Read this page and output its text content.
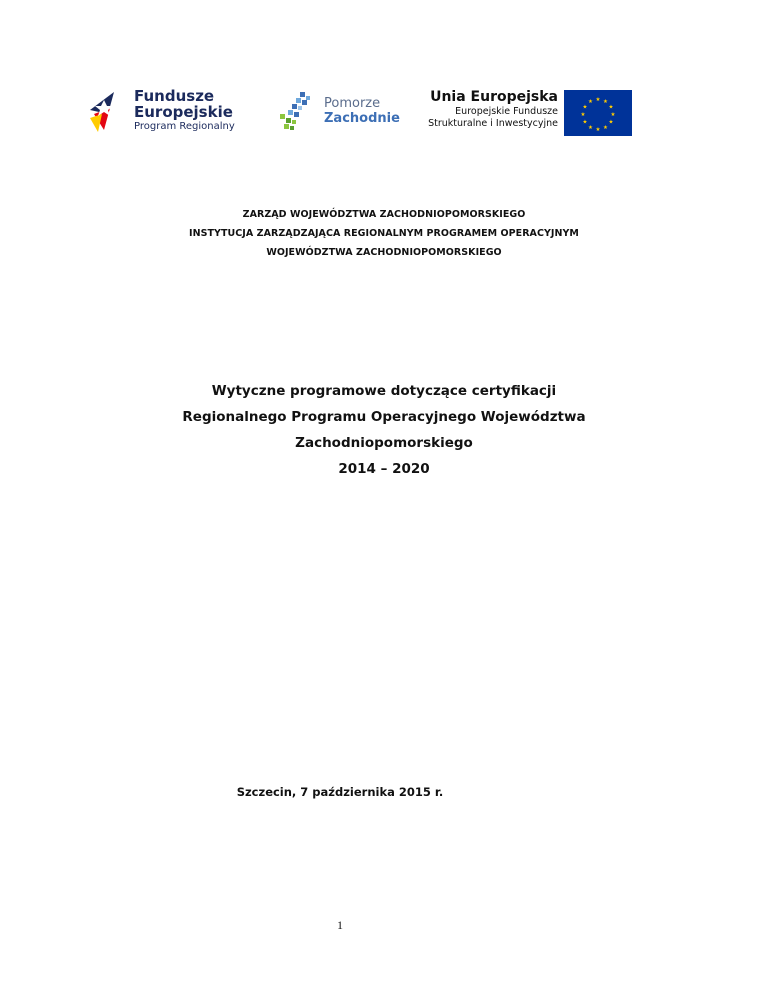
Fundusze
Europejskie
Program Regionalny
Pomorze
Zachodnie
Unia Europejska
Europejskie Fundusze
Strukturalne i Inwestycyjne
★ ★
★
★
★
★
★
★
★
★
★
★
ZARZĄD WOJEWÓDZTWA ZACHODNIOPOMORSKIEGO
INSTYTUCJA ZARZĄDZAJĄCA REGIONALNYM PROGRAMEM OPERACYJNYM
WOJEWÓDZTWA ZACHODNIOPOMORSKIEGO
Wytyczne programowe dotyczące certyfikacji
Regionalnego Programu Operacyjnego Województwa
Zachodniopomorskiego
2014 – 2020
Szczecin, 7 października 2015 r.
1
